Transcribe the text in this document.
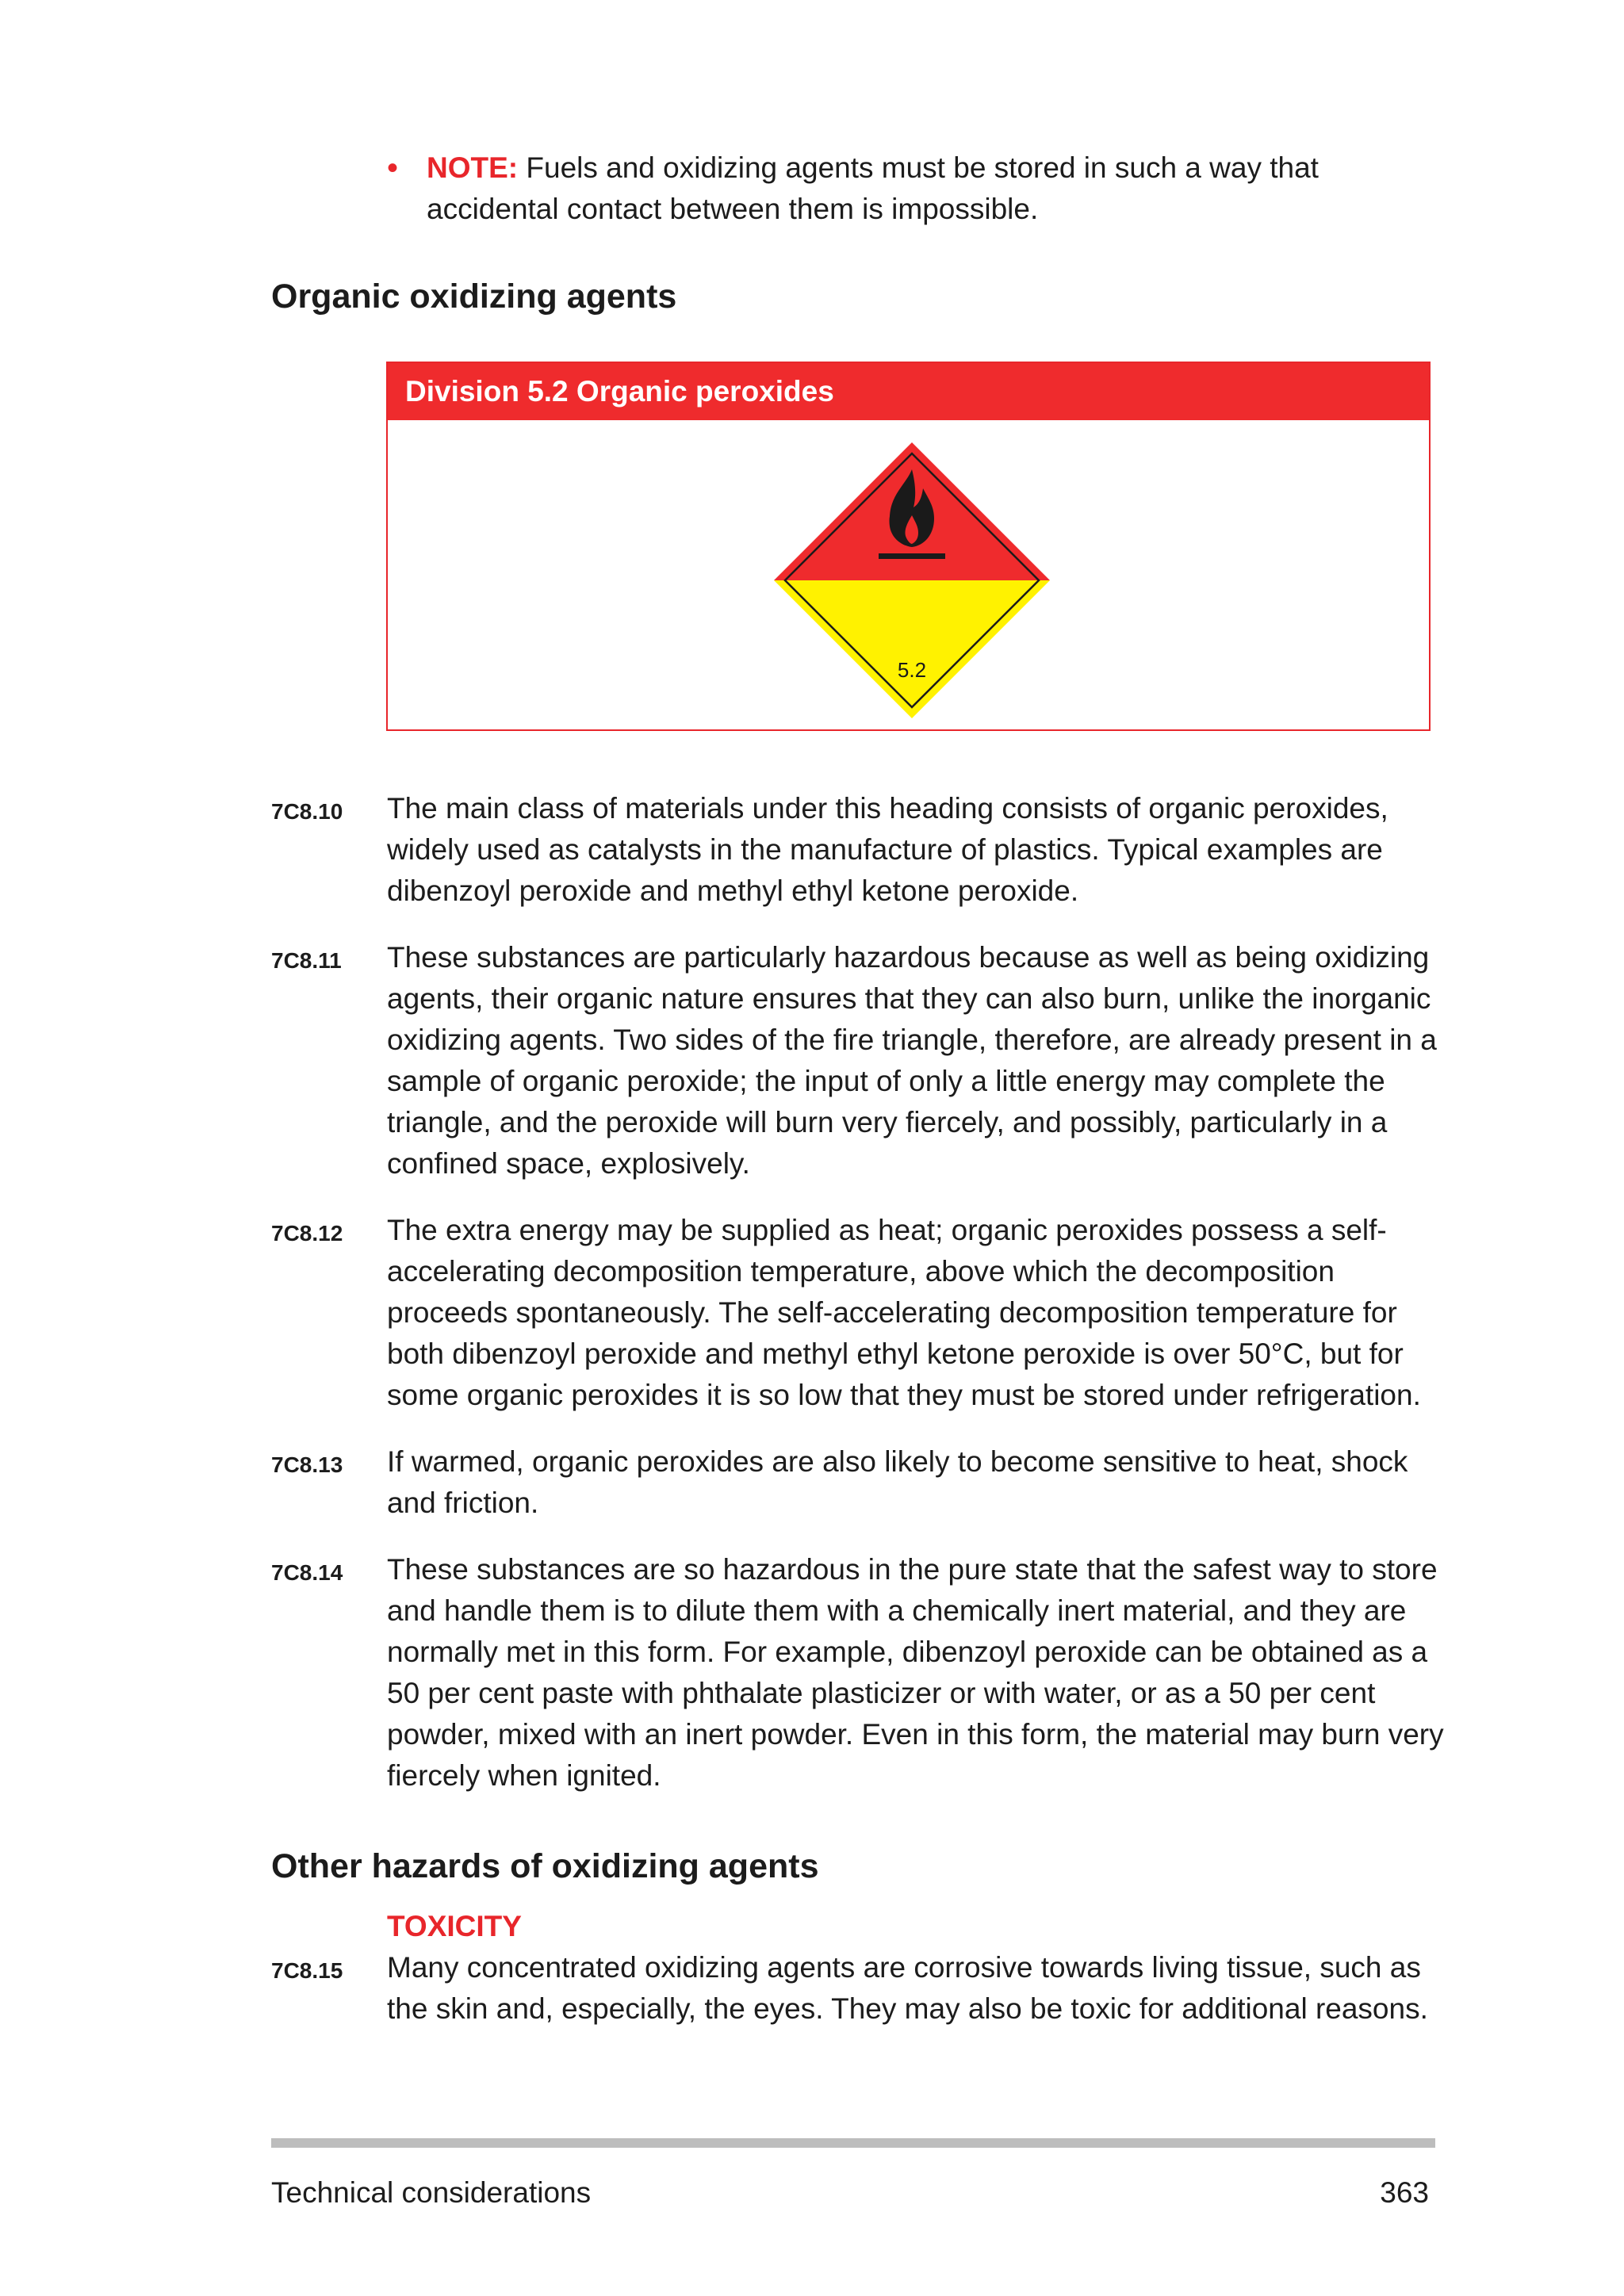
• NOTE: Fuels and oxidizing agents must be stored in such a way that accidental contact between them is impossible.
Organic oxidizing agents
Division 5.2 Organic peroxides
5.2
7C8.10 The main class of materials under this heading consists of organic peroxides, widely used as catalysts in the manufacture of plastics. Typical examples are dibenzoyl peroxide and methyl ethyl ketone peroxide.
7C8.11 These substances are particularly hazardous because as well as being oxidizing agents, their organic nature ensures that they can also burn, unlike the inorganic oxidizing agents. Two sides of the fire triangle, therefore, are already present in a sample of organic peroxide; the input of only a little energy may complete the triangle, and the peroxide will burn very fiercely, and possibly, particularly in a confined space, explosively.
7C8.12 The extra energy may be supplied as heat; organic peroxides possess a self-accelerating decomposition temperature, above which the decomposition proceeds spontaneously. The self-accelerating decomposition temperature for both dibenzoyl peroxide and methyl ethyl ketone peroxide is over 50°C, but for some organic peroxides it is so low that they must be stored under refrigeration.
7C8.13 If warmed, organic peroxides are also likely to become sensitive to heat, shock and friction.
7C8.14 These substances are so hazardous in the pure state that the safest way to store and handle them is to dilute them with a chemically inert material, and they are normally met in this form. For example, dibenzoyl peroxide can be obtained as a 50 per cent paste with phthalate plasticizer or with water, or as a 50 per cent powder, mixed with an inert powder. Even in this form, the material may burn very fiercely when ignited.
Other hazards of oxidizing agents
TOXICITY
7C8.15 Many concentrated oxidizing agents are corrosive towards living tissue, such as the skin and, especially, the eyes. They may also be toxic for additional reasons.
Technical considerations	363
